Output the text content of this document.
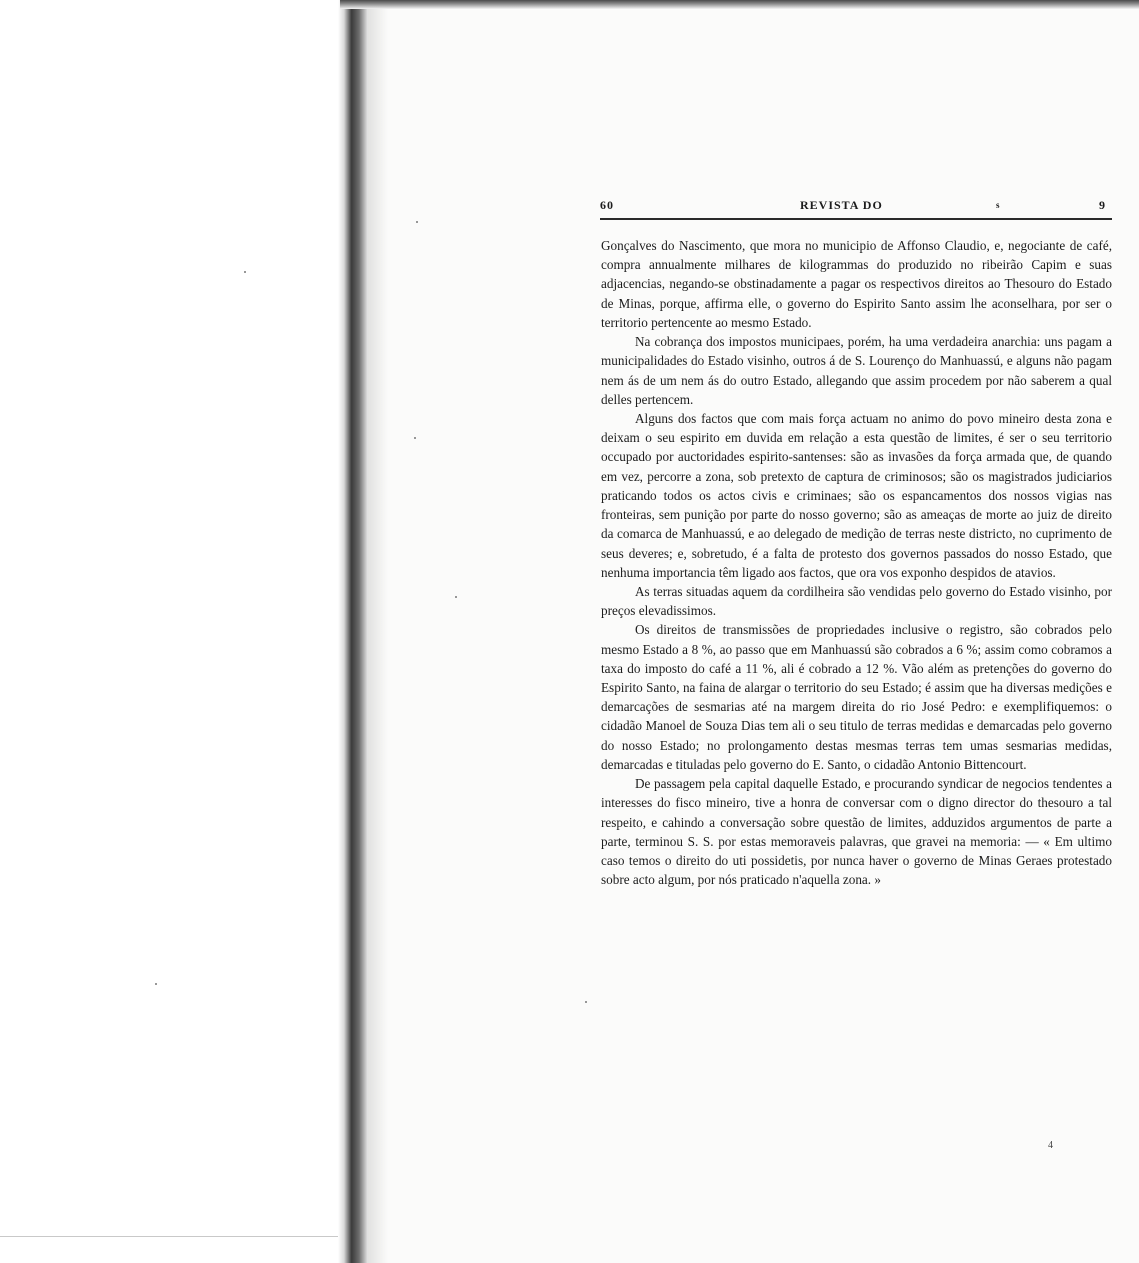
60	REVISTA DO	s	9

Gonçalves do Nascimento, que mora no municipio de Affonso Claudio, e, negociante de café, compra annualmente milhares de kilogrammas do produzido no ribeirão Capim e suas adjacencias, negando-se obstinadamente a pagar os respectivos direitos ao Thesouro do Estado de Minas, porque, affirma elle, o governo do Espirito Santo assim lhe aconselhara, por ser o territorio pertencente ao mesmo Estado.

Na cobrança dos impostos municipaes, porém, ha uma verdadeira anarchia: uns pagam a municipalidades do Estado visinho, outros á de S. Lourenço do Manhuassú, e alguns não pagam nem ás de um nem ás do outro Estado, allegando que assim procedem por não saberem a qual delles pertencem.

Alguns dos factos que com mais força actuam no animo do povo mineiro desta zona e deixam o seu espirito em duvida em relação a esta questão de limites, é ser o seu territorio occupado por auctoridades espirito-santenses: são as invasões da força armada que, de quando em vez, percorre a zona, sob pretexto de captura de criminosos; são os magistrados judiciarios praticando todos os actos civis e criminaes; são os espancamentos dos nossos vigias nas fronteiras, sem punição por parte do nosso governo; são as ameaças de morte ao juiz de direito da comarca de Manhuassú, e ao delegado de medição de terras neste districto, no cuprimento de seus deveres; e, sobretudo, é a falta de protesto dos governos passados do nosso Estado, que nenhuma importancia têm ligado aos factos, que ora vos exponho despidos de atavios.

As terras situadas aquem da cordilheira são vendidas pelo governo do Estado visinho, por preços elevadissimos.

Os direitos de transmissões de propriedades inclusive o registro, são cobrados pelo mesmo Estado a 8 %, ao passo que em Manhuassú são cobrados a 6 %; assim como cobramos a taxa do imposto do café a 11 %, ali é cobrado a 12 %. Vão além as pretenções do governo do Espirito Santo, na faina de alargar o territorio do seu Estado; é assim que ha diversas medições e demarcações de sesmarias até na margem direita do rio José Pedro: e exemplifiquemos: o cidadão Manoel de Souza Dias tem ali o seu titulo de terras medidas e demarcadas pelo governo do nosso Estado; no prolongamento destas mesmas terras tem umas sesmarias medidas, demarcadas e tituladas pelo governo do E. Santo, o cidadão Antonio Bittencourt.

De passagem pela capital daquelle Estado, e procurando syndicar de negocios tendentes a interesses do fisco mineiro, tive a honra de conversar com o digno director do thesouro a tal respeito, e cahindo a conversação sobre questão de limites, adduzidos argumentos de parte a parte, terminou S. S. por estas memoraveis palavras, que gravei na memoria: — « Em ultimo caso temos o direito do uti possidetis, por nunca haver o governo de Minas Geraes protestado sobre acto algum, por nós praticado n'aquella zona. »

4
